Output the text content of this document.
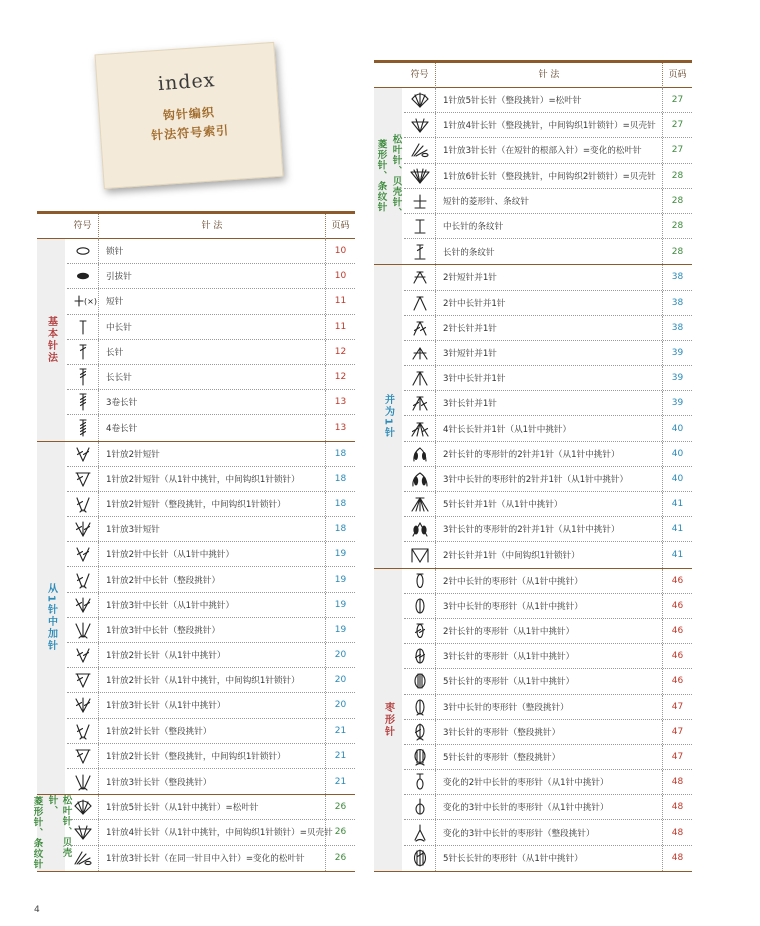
index
钩针编织
针法符号索引
符号	针 法	页码
基本针法
锁针	10
引拔针	10
(×)	短针	11
中长针	11
长针	12
长长针	12
3卷长针	13
4卷长针	13
从1针中加针
1针放2针短针	18
1针放2针短针（从1针中挑针，中间钩织1针锁针）	18
1针放2针短针（整段挑针，中间钩织1针锁针）	18
1针放3针短针	18
1针放2针中长针（从1针中挑针）	19
1针放2针中长针（整段挑针）	19
1针放3针中长针（从1针中挑针）	19
1针放3针中长针（整段挑针）	19
1针放2针长针（从1针中挑针）	20
1针放2针长针（从1针中挑针，中间钩织1针锁针）	20
1针放3针长针（从1针中挑针）	20
1针放2针长针（整段挑针）	21
1针放2针长针（整段挑针，中间钩织1针锁针）	21
1针放3针长针（整段挑针）	21
松叶针、贝壳针、
菱形针、条纹针	1针放5针长针（从1针中挑针）=松叶针	26
1针放4针长针（从1针中挑针，中间钩织1针锁针）=贝壳针 26
1针放3针长针（在同一针目中入针）=变化的松叶针	26
符号	针 法	页码
松叶针、贝壳针、
菱形针、条纹针
1针放5针长针（整段挑针）=松叶针	27
1针放4针长针（整段挑针，中间钩织1针锁针）=贝壳针	27
1针放3针长针（在短针的根部入针）=变化的松叶针	27
1针放6针长针（整段挑针，中间钩织2针锁针）=贝壳针	28
短针的菱形针、条纹针	28
中长针的条纹针	28
长针的条纹针	28
并为1针
2针短针并1针	38
2针中长针并1针	38
2针长针并1针	38
3针短针并1针	39
3针中长针并1针	39
3针长针并1针	39
4针长长针并1针（从1针中挑针）	40
2针长针的枣形针的2针并1针（从1针中挑针）	40
3针中长针的枣形针的2针并1针（从1针中挑针）	40
5针长针并1针（从1针中挑针）	41
3针长针的枣形针的2针并1针（从1针中挑针）	41
2针长针并1针（中间钩织1针锁针）	41
枣形针
2针中长针的枣形针（从1针中挑针）	46
3针中长针的枣形针（从1针中挑针）	46
2针长针的枣形针（从1针中挑针）	46
3针长针的枣形针（从1针中挑针）	46
5针长针的枣形针（从1针中挑针）	46
3针中长针的枣形针（整段挑针）	47
3针长针的枣形针（整段挑针）	47
5针长针的枣形针（整段挑针）	47
变化的2针中长针的枣形针（从1针中挑针）	48
变化的3针中长针的枣形针（从1针中挑针）	48
变化的3针中长针的枣形针（整段挑针）	48
5针长长针的枣形针（从1针中挑针）	48
4
